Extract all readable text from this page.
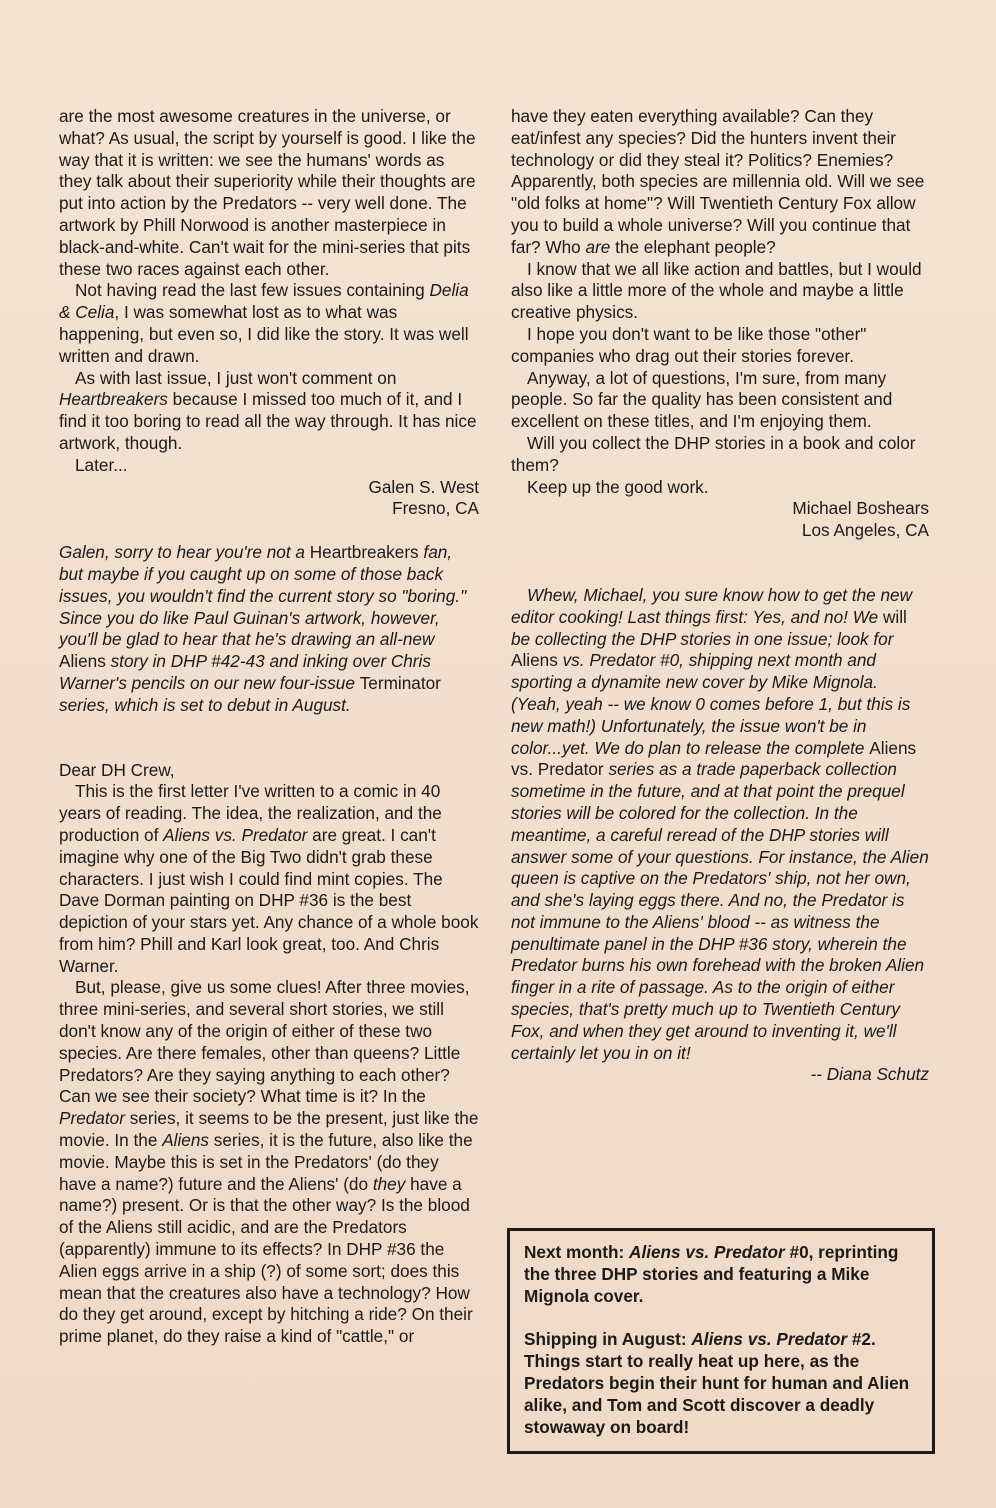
are the most awesome creatures in the universe, or what? As usual, the script by yourself is good. I like the way that it is written: we see the humans' words as they talk about their superiority while their thoughts are put into action by the Predators -- very well done. The artwork by Phill Norwood is another masterpiece in black-and-white. Can't wait for the mini-series that pits these two races against each other.

Not having read the last few issues containing Delia & Celia, I was somewhat lost as to what was happening, but even so, I did like the story. It was well written and drawn.

As with last issue, I just won't comment on Heartbreakers because I missed too much of it, and I find it too boring to read all the way through. It has nice artwork, though.

Later...

Galen S. West

Fresno, CA

Galen, sorry to hear you're not a Heartbreakers fan, but maybe if you caught up on some of those back issues, you wouldn't find the current story so "boring." Since you do like Paul Guinan's artwork, however, you'll be glad to hear that he's drawing an all-new Aliens story in DHP #42-43 and inking over Chris Warner's pencils on our new four-issue Terminator series, which is set to debut in August.

Dear DH Crew,

This is the first letter I've written to a comic in 40 years of reading. The idea, the realization, and the production of Aliens vs. Predator are great. I can't imagine why one of the Big Two didn't grab these characters. I just wish I could find mint copies. The Dave Dorman painting on DHP #36 is the best depiction of your stars yet. Any chance of a whole book from him? Phill and Karl look great, too. And Chris Warner.

But, please, give us some clues! After three movies, three mini-series, and several short stories, we still don't know any of the origin of either of these two species. Are there females, other than queens? Little Predators? Are they saying anything to each other? Can we see their society? What time is it? In the Predator series, it seems to be the present, just like the movie. In the Aliens series, it is the future, also like the movie. Maybe this is set in the Predators' (do they have a name?) future and the Aliens' (do they have a name?) present. Or is that the other way? Is the blood of the Aliens still acidic, and are the Predators (apparently) immune to its effects? In DHP #36 the Alien eggs arrive in a ship (?) of some sort; does this mean that the creatures also have a technology? How do they get around, except by hitching a ride? On their prime planet, do they raise a kind of "cattle," or

have they eaten everything available? Can they eat/infest any species? Did the hunters invent their technology or did they steal it? Politics? Enemies? Apparently, both species are millennia old. Will we see "old folks at home"? Will Twentieth Century Fox allow you to build a whole universe? Will you continue that far? Who are the elephant people?

I know that we all like action and battles, but I would also like a little more of the whole and maybe a little creative physics.

I hope you don't want to be like those "other" companies who drag out their stories forever.

Anyway, a lot of questions, I'm sure, from many people. So far the quality has been consistent and excellent on these titles, and I'm enjoying them.

Will you collect the DHP stories in a book and color them?

Keep up the good work.

Michael Boshears

Los Angeles, CA

Whew, Michael, you sure know how to get the new editor cooking! Last things first: Yes, and no! We will be collecting the DHP stories in one issue; look for Aliens vs. Predator #0, shipping next month and sporting a dynamite new cover by Mike Mignola. (Yeah, yeah -- we know 0 comes before 1, but this is new math!) Unfortunately, the issue won't be in color...yet. We do plan to release the complete Aliens vs. Predator series as a trade paperback collection sometime in the future, and at that point the prequel stories will be colored for the collection. In the meantime, a careful reread of the DHP stories will answer some of your questions. For instance, the Alien queen is captive on the Predators' ship, not her own, and she's laying eggs there. And no, the Predator is not immune to the Aliens' blood -- as witness the penultimate panel in the DHP #36 story, wherein the Predator burns his own forehead with the broken Alien finger in a rite of passage. As to the origin of either species, that's pretty much up to Twentieth Century Fox, and when they get around to inventing it, we'll certainly let you in on it!

-- Diana Schutz

Next month: Aliens vs. Predator #0, reprinting the three DHP stories and featuring a Mike Mignola cover.

Shipping in August: Aliens vs. Predator #2. Things start to really heat up here, as the Predators begin their hunt for human and Alien alike, and Tom and Scott discover a deadly stowaway on board!
